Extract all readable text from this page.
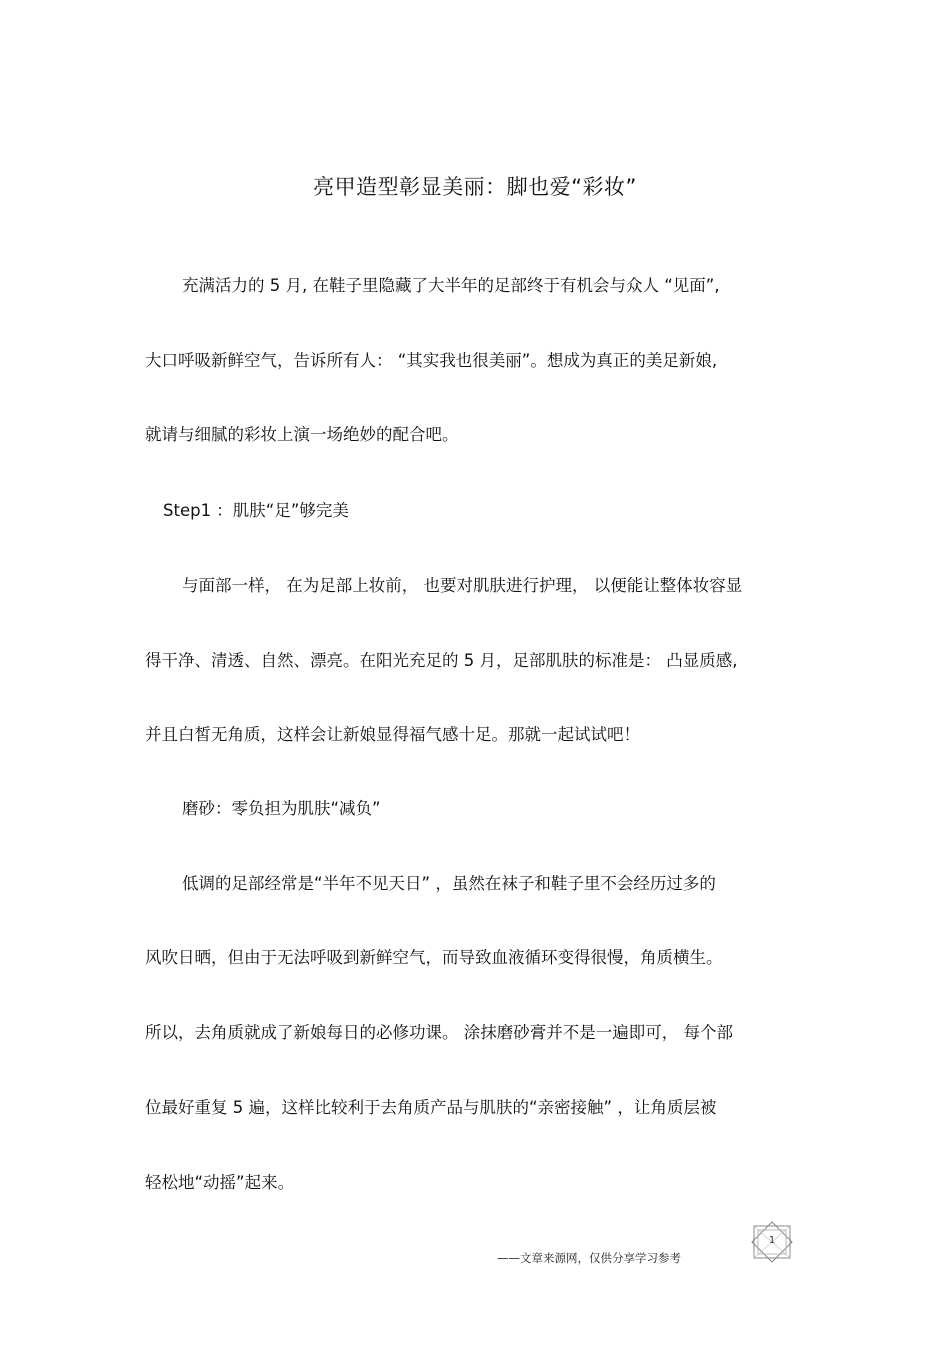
亮甲造型彰显美丽：脚也爱“彩妆”
充满活力的 5 月, 在鞋子里隐藏了大半年的足部终于有机会与众人 “见面”,
大口呼吸新鲜空气，告诉所有人： “其实我也很美丽”。想成为真正的美足新娘,
就请与细腻的彩妆上演一场绝妙的配合吧。
Step1 ：肌肤“足”够完美
与面部一样， 在为足部上妆前， 也要对肌肤进行护理， 以便能让整体妆容显
得干净、清透、自然、漂亮。在阳光充足的 5 月，足部肌肤的标准是： 凸显质感,
并且白皙无角质，这样会让新娘显得福气感十足。那就一起试试吧！
磨砂：零负担为肌肤“减负”
低调的足部经常是“半年不见天日” ，虽然在袜子和鞋子里不会经历过多的
风吹日晒，但由于无法呼吸到新鲜空气，而导致血液循环变得很慢，角质横生。
所以，去角质就成了新娘每日的必修功课。 涂抹磨砂膏并不是一遍即可， 每个部
位最好重复 5 遍，这样比较利于去角质产品与肌肤的“亲密接触” ，让角质层被
轻松地“动摇”起来。
——文章来源网，仅供分享学习参考
1
